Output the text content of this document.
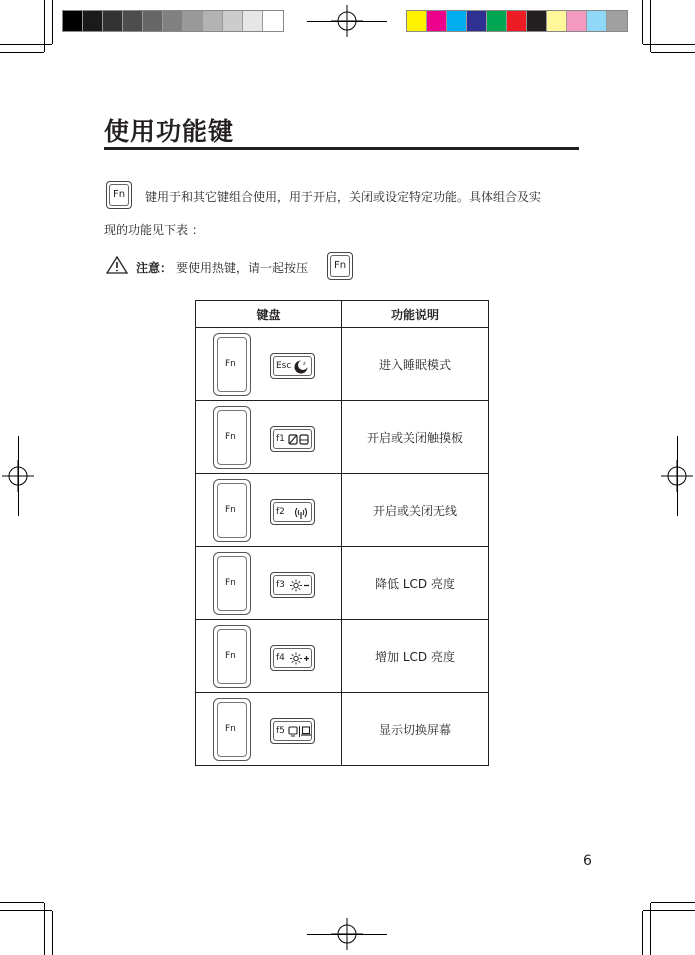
使用功能键
Fn	键用于和其它键组合使用，用于开启，关闭或设定特定功能。具体组合及实
现的功能见下表 ：
注意： 要使用热键，请一起按压	Fn
键盘	功能说明

Fn Esc z	进入睡眠模式

Fn f1	开启或关闭触摸板

Fn f2	开启或关闭无线

Fn f3	降低 LCD 亮度

Fn f4	增加 LCD 亮度

Fn f5	显示切换屏幕
6
